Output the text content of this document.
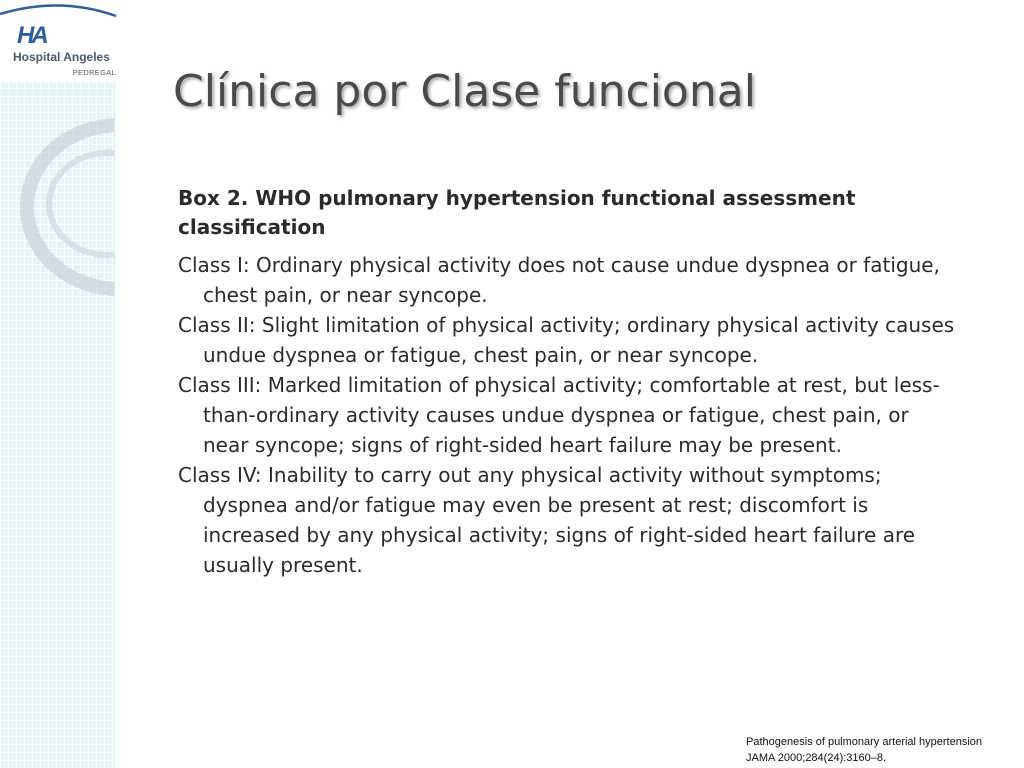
HA
Hospital Angeles
PEDREGAL Clínica por Clase funcional

Box 2. WHO pulmonary hypertension functional assessment classification

Class I: Ordinary physical activity does not cause undue dyspnea or fatigue, chest pain, or near syncope.

Class II: Slight limitation of physical activity; ordinary physical activity causes undue dyspnea or fatigue, chest pain, or near syncope.

Class III: Marked limitation of physical activity; comfortable at rest, but less-than-ordinary activity causes undue dyspnea or fatigue, chest pain, or near syncope; signs of right-sided heart failure may be present.

Class IV: Inability to carry out any physical activity without symptoms; dyspnea and/or fatigue may even be present at rest; discomfort is increased by any physical activity; signs of right-sided heart failure are usually present.

Pathogenesis of pulmonary arterial hypertension
JAMA 2000;284(24):3160–8.
